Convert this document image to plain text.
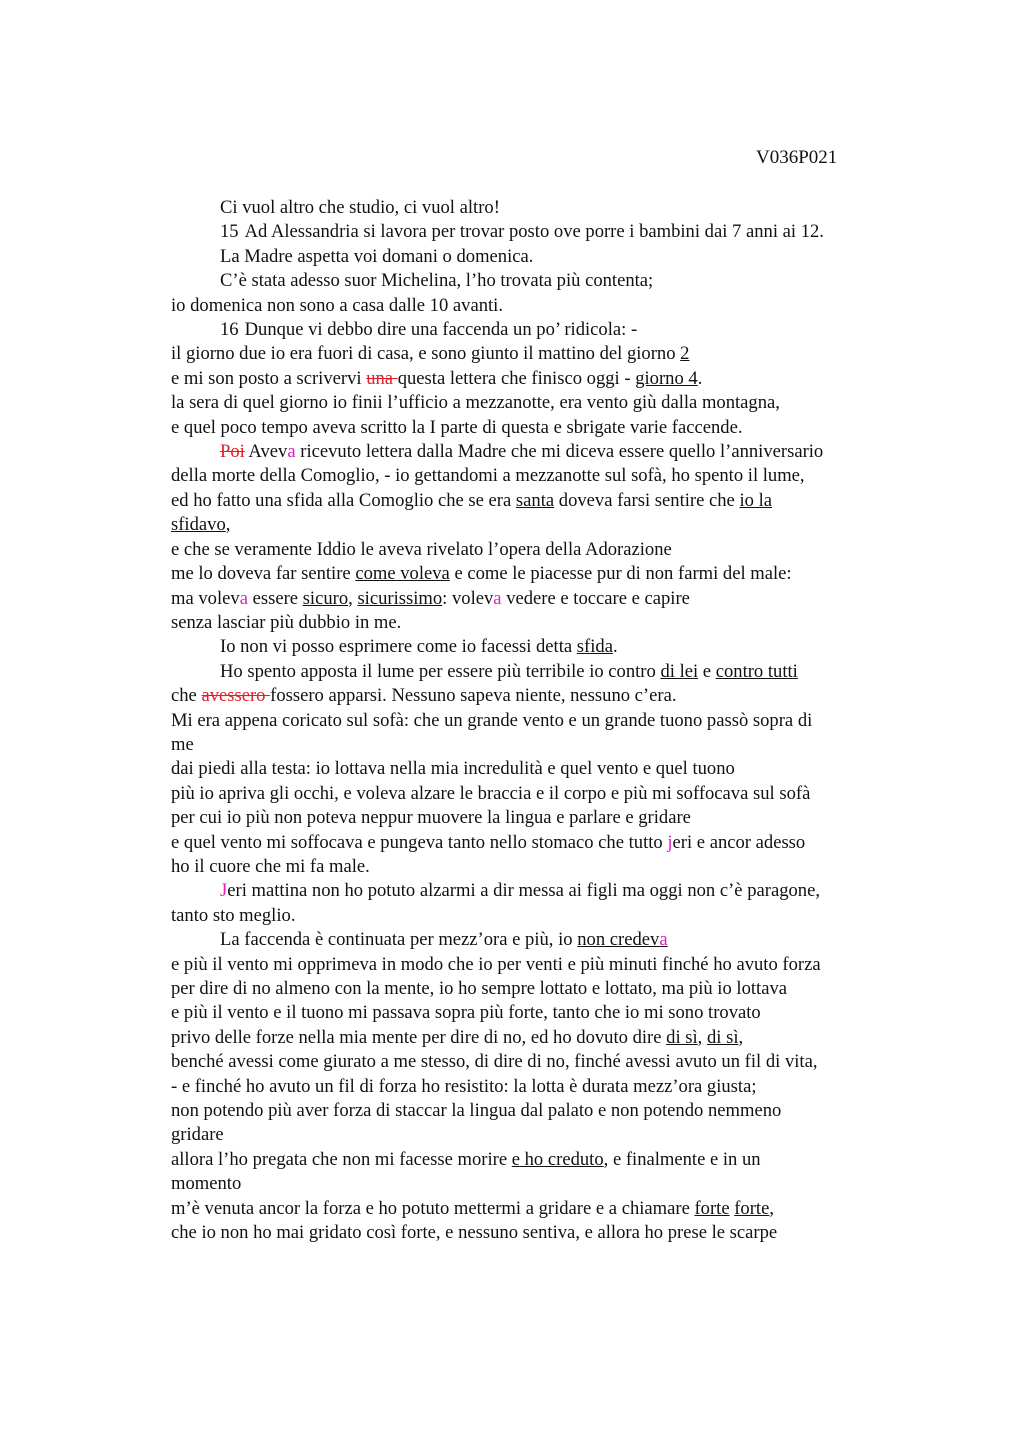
V036P021
Ci vuol altro che studio, ci vuol altro!
15 Ad Alessandria si lavora per trovar posto ove porre i bambini dai 7 anni ai 12.
La Madre aspetta voi domani o domenica.
C’è stata adesso suor Michelina, l’ho trovata più contenta;
io domenica non sono a casa dalle 10 avanti.
16 Dunque vi debbo dire una faccenda un po’ ridicola: -
il giorno due io era fuori di casa, e sono giunto il mattino del giorno 2
e mi son posto a scrivervi una questa lettera che finisco oggi - giorno 4.
la sera di quel giorno io finii l’ufficio a mezzanotte, era vento giù dalla montagna,
e quel poco tempo aveva scritto la I parte di questa e sbrigate varie faccende.
Poi Aveva ricevuto lettera dalla Madre che mi diceva essere quello l’anniversario
della morte della Comoglio, - io gettandomi a mezzanotte sul sofà, ho spento il lume,
ed ho fatto una sfida alla Comoglio che se era santa doveva farsi sentire che io la
sfidavo,
e che se veramente Iddio le aveva rivelato l’opera della Adorazione
me lo doveva far sentire come voleva e come le piacesse pur di non farmi del male:
ma voleva essere sicuro, sicurissimo: voleva vedere e toccare e capire
senza lasciar più dubbio in me.
Io non vi posso esprimere come io facessi detta sfida.
Ho spento apposta il lume per essere più terribile io contro di lei e contro tutti
che avessero fossero apparsi. Nessuno sapeva niente, nessuno c’era.
Mi era appena coricato sul sofà: che un grande vento e un grande tuono passò sopra di
me
dai piedi alla testa: io lottava nella mia incredulità e quel vento e quel tuono
più io apriva gli occhi, e voleva alzare le braccia e il corpo e più mi soffocava sul sofà
per cui io più non poteva neppur muovere la lingua e parlare e gridare
e quel vento mi soffocava e pungeva tanto nello stomaco che tutto jeri e ancor adesso
ho il cuore che mi fa male.
Jeri mattina non ho potuto alzarmi a dir messa ai figli ma oggi non c’è paragone,
tanto sto meglio.
La faccenda è continuata per mezz’ora e più, io non credeva
e più il vento mi opprimeva in modo che io per venti e più minuti finché ho avuto forza
per dire di no almeno con la mente, io ho sempre lottato e lottato, ma più io lottava
e più il vento e il tuono mi passava sopra più forte, tanto che io mi sono trovato
privo delle forze nella mia mente per dire di no, ed ho dovuto dire di sì, di sì,
benché avessi come giurato a me stesso, di dire di no, finché avessi avuto un fil di vita,
- e finché ho avuto un fil di forza ho resistito: la lotta è durata mezz’ora giusta;
non potendo più aver forza di staccar la lingua dal palato e non potendo nemmeno
gridare
allora l’ho pregata che non mi facesse morire e ho creduto, e finalmente e in un
momento
m’è venuta ancor la forza e ho potuto mettermi a gridare e a chiamare forte forte,
che io non ho mai gridato così forte, e nessuno sentiva, e allora ho prese le scarpe
